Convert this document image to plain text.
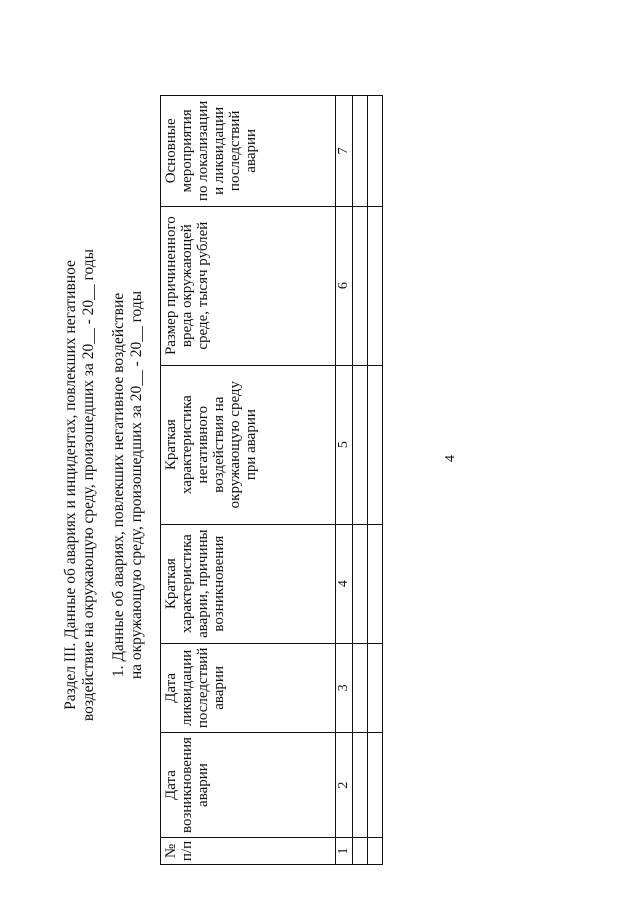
4
Раздел III. Данные об авариях и инцидентах, повлекших негативное воздействие на окружающую среду, произошедших за 20__ - 20__ годы 1. Данные об авариях, повлекших негативное воздействие на окружающую среду, произошедших за 20__ - 20__ годы
№ п/п	Дата возникновения аварии	Дата ликвидации последствий аварии	Краткая характеристика аварии, причины возникновения	Краткая характеристика негативного воздействия на окружающую среду при аварии	Размер причиненного вреда окружающей среде, тысяч рублей	Основные мероприятия по локализации и ликвидации последствий аварии
1	2	3	4	5	6	7
